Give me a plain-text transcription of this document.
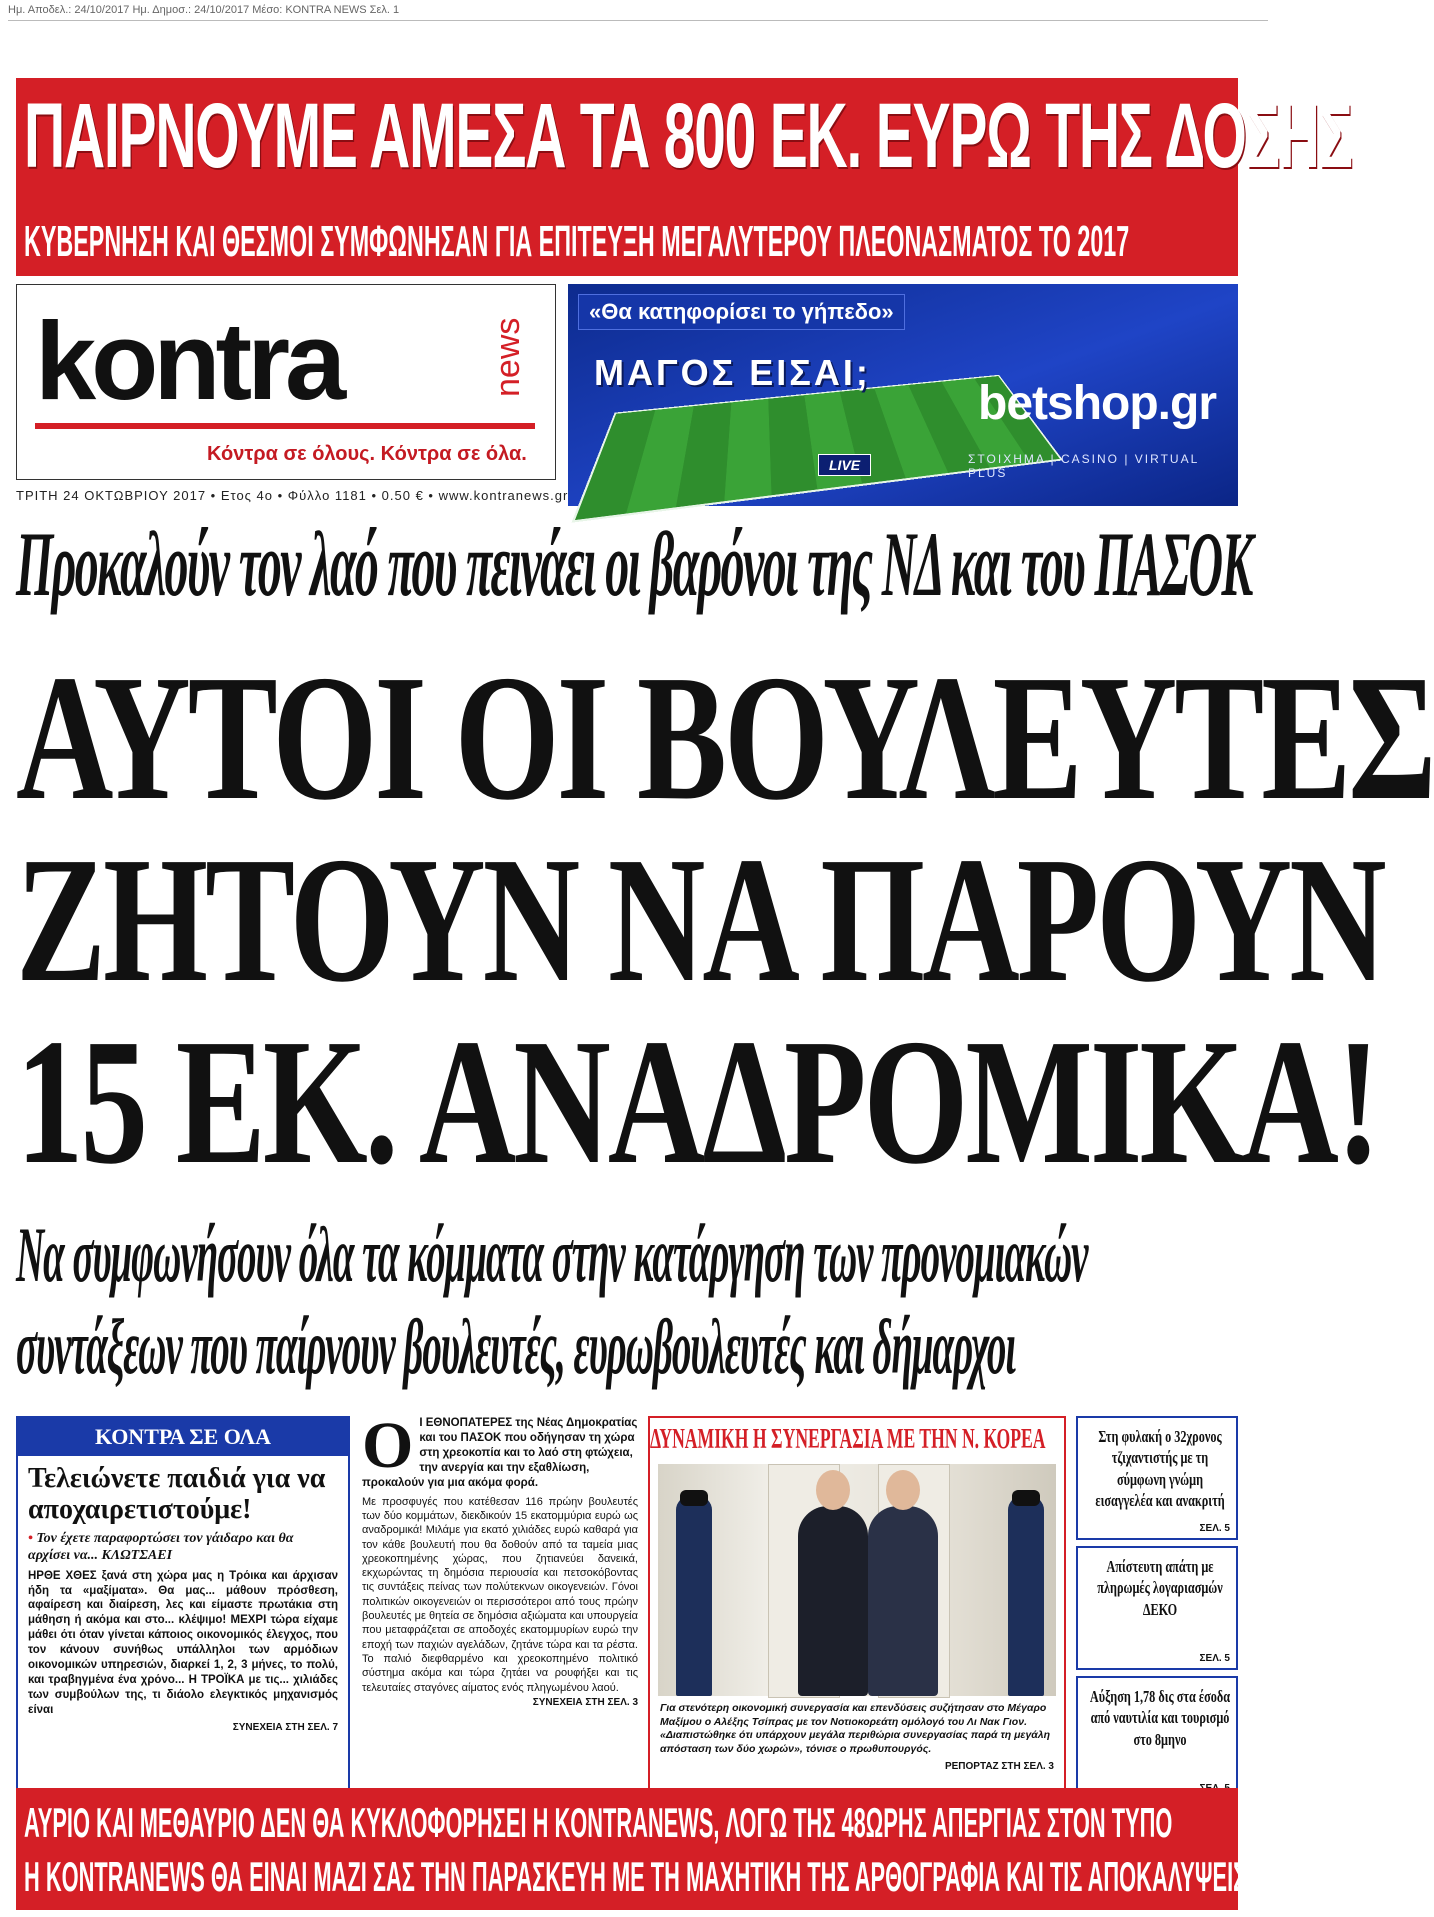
Ημ. Αποδελ.: 24/10/2017 Ημ. Δημοσ.: 24/10/2017 Μέσο: KONTRA NEWS Σελ. 1
ΠΑΙΡΝΟΥΜΕ ΑΜΕΣΑ ΤΑ 800 ΕΚ. ΕΥΡΩ ΤΗΣ ΔΟΣΗΣ
ΚΥΒΕΡΝΗΣΗ ΚΑΙ ΘΕΣΜΟΙ ΣΥΜΦΩΝΗΣΑΝ ΓΙΑ ΕΠΙΤΕΥΞΗ ΜΕΓΑΛΥΤΕΡΟΥ ΠΛΕΟΝΑΣΜΑΤΟΣ ΤΟ 2017
kontra	news
Κόντρα σε όλους. Κόντρα σε όλα.
ΤΡΙΤΗ 24 ΟΚΤΩΒΡΙΟΥ 2017 • Ετος 4ο • Φύλλο 1181 • 0.50 € • www.kontranews.gr
«Θα κατηφορίσει το γήπεδο»
ΜΑΓΟΣ ΕΙΣΑΙ;
betshop.gr
ΣΤΟΙΧΗΜΑ | CASINO | VIRTUAL PLUS
LIVE
Προκαλούν τον λαό που πεινάει οι βαρόνοι της ΝΔ και του ΠΑΣΟΚ
ΑΥΤΟΙ ΟΙ ΒΟΥΛΕΥΤΕΣ
ΖΗΤΟΥΝ ΝΑ ΠΑΡΟΥΝ
15 ΕΚ. ΑΝΑΔΡΟΜΙΚΑ!
Να συμφωνήσουν όλα τα κόμματα στην κατάργηση των προνομιακών
συντάξεων που παίρνουν βουλευτές, ευρωβουλευτές και δήμαρχοι
ΚΟΝΤΡΑ ΣΕ ΟΛΑ
Τελειώνετε παιδιά για να αποχαιρετιστούμε!
• Τον έχετε παραφορτώσει τον γάιδαρο και θα αρχίσει να... ΚΛΩΤΣΑΕΙ
ΗΡΘΕ ΧΘΕΣ ξανά στη χώρα μας η Τρόικα και άρχισαν ήδη τα «μαξίματα». Θα μας... μάθουν πρόσθεση, αφαίρεση και διαίρεση, λες και είμαστε πρωτάκια στη μάθηση ή ακόμα και στο... κλέψιμο! ΜΕΧΡΙ τώρα είχαμε μάθει ότι όταν γίνεται κάποιος οικονομικός έλεγχος, που τον κάνουν συνήθως υπάλληλοι των αρμόδιων οικονομικών υπηρεσιών, διαρκεί 1, 2, 3 μήνες, το πολύ, και τραβηγμένα ένα χρόνο... Η ΤΡΟΪΚΑ με τις... χιλιάδες των συμβούλων της, τι διάολο ελεγκτικός μηχανισμός είναι
ΣΥΝΕΧΕΙΑ ΣΤΗ ΣΕΛ. 7
Ο Ι ΕΘΝΟΠΑΤΕΡΕΣ της Νέας Δημοκρατίας και του ΠΑΣΟΚ που οδήγησαν τη χώρα στη χρεοκοπία και το λαό στη φτώχεια, την ανεργία και την εξαθλίωση, προκαλούν για μια ακόμα φορά.
Με προσφυγές που κατέθεσαν 116 πρώην βουλευτές των δύο κομμάτων, διεκδικούν 15 εκατομμύρια ευρώ ως αναδρομικά! Μιλάμε για εκατό χιλιάδες ευρώ καθαρά για τον κάθε βουλευτή που θα δοθούν από τα ταμεία μιας χρεοκοπημένης χώρας, που ζητιανεύει δανεικά, εκχωρώντας τη δημόσια περιουσία και πετσοκόβοντας τις συντάξεις πείνας των πολύτεκνων οικογενειών. Γόνοι πολιτικών οικογενειών οι περισσότεροι από τους πρώην βουλευτές με θητεία σε δημόσια αξιώματα και υπουργεία που μεταφράζεται σε αποδοχές εκατομμυρίων ευρώ την εποχή των παχιών αγελάδων, ζητάνε τώρα και τα ρέστα. Το παλιό διεφθαρμένο και χρεοκοπημένο πολιτικό σύστημα ακόμα και τώρα ζητάει να ρουφήξει και τις τελευταίες σταγόνες αίματος ενός πληγωμένου λαού.
ΣΥΝΕΧΕΙΑ ΣΤΗ ΣΕΛ. 3
ΔΥΝΑΜΙΚΗ Η ΣΥΝΕΡΓΑΣΙΑ ΜΕ ΤΗΝ Ν. ΚΟΡΕΑ
Για στενότερη οικονομική συνεργασία και επενδύσεις συζήτησαν στο Μέγαρο Μαξίμου ο Αλέξης Τσίπρας με τον Νοτιοκορεάτη ομόλογό του Λι Νακ Γιον. «Διαπιστώθηκε ότι υπάρχουν μεγάλα περιθώρια συνεργασίας παρά τη μεγάλη απόσταση των δύο χωρών», τόνισε ο πρωθυπουργός.
ΡΕΠΟΡΤΑΖ ΣΤΗ ΣΕΛ. 3
Στη φυλακή ο 32χρονος τζιχαντιστής με τη σύμφωνη γνώμη εισαγγελέα και ανακριτή
ΣΕΛ. 5
Απίστευτη απάτη με πληρωμές λογαριασμών ΔΕΚΟ
ΣΕΛ. 5
Αύξηση 1,78 δις στα έσοδα από ναυτιλία και τουρισμό στο 8μηνο
ΑΥΡΙΟ ΚΑΙ ΜΕΘΑΥΡΙΟ ΔΕΝ ΘΑ ΚΥΚΛΟΦΟΡΗΣΕΙ Η KONTRANEWS, ΛΟΓΩ ΤΗΣ 48ΩΡΗΣ ΑΠΕΡΓΙΑΣ ΣΤΟΝ ΤΥΠΟ
Η KONTRANEWS ΘΑ ΕΙΝΑΙ ΜΑΖΙ ΣΑΣ ΤΗΝ ΠΑΡΑΣΚΕΥΗ ΜΕ ΤΗ ΜΑΧΗΤΙΚΗ ΤΗΣ ΑΡΘΟΓΡΑΦΙΑ ΚΑΙ ΤΙΣ ΑΠΟΚΑΛΥΨΕΙΣ ΤΗΣ
